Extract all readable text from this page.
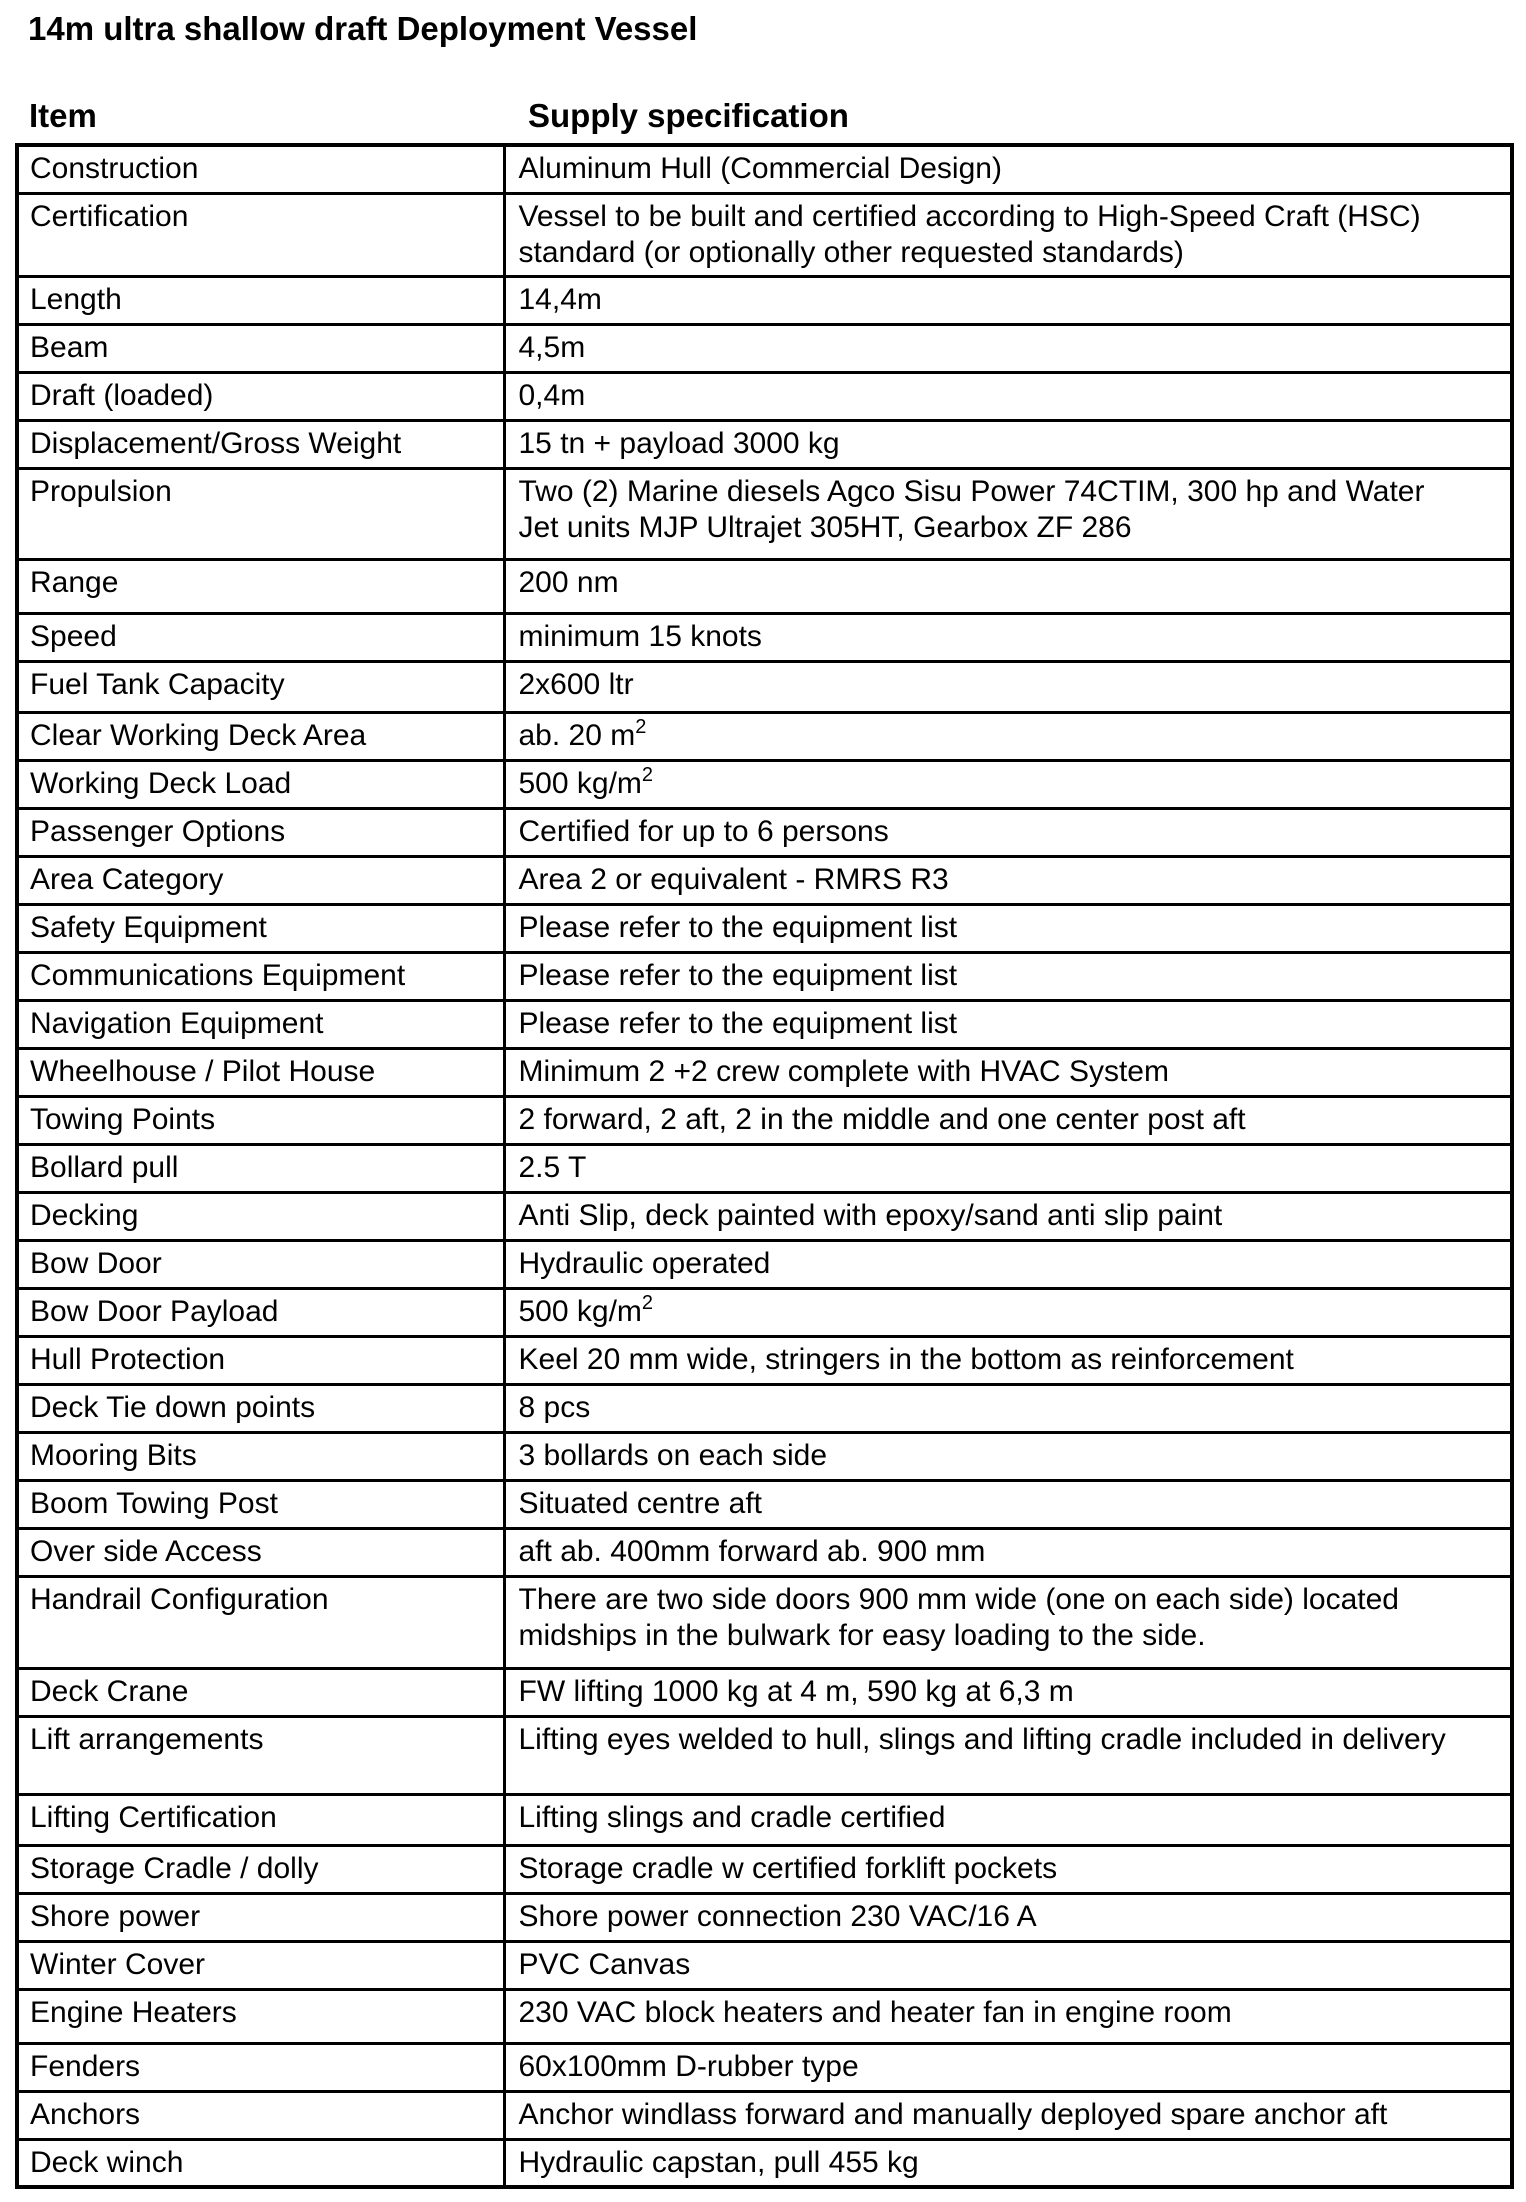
14m ultra shallow draft Deployment Vessel
Item	Supply specification
Construction	Aluminum Hull (Commercial Design)
Certification	Vessel to be built and certified according to High-Speed Craft (HSC) standard (or optionally other requested standards)
Length	14,4m
Beam	4,5m
Draft (loaded)	0,4m
Displacement/Gross Weight	15 tn + payload 3000 kg
Propulsion	Two (2) Marine diesels Agco Sisu Power 74CTIM, 300 hp and Water Jet units MJP Ultrajet 305HT, Gearbox ZF 286
Range	200 nm
Speed	minimum 15 knots
Fuel Tank Capacity	2x600 ltr
Clear Working Deck Area	ab. 20 $m^2$
Working Deck Load	500 $kg/m^2$
Passenger Options	Certified for up to 6 persons
Area Category	Area 2 or equivalent - RMRS R3
Safety Equipment	Please refer to the equipment list
Communications Equipment	Please refer to the equipment list
Navigation Equipment	Please refer to the equipment list
Wheelhouse / Pilot House	Minimum 2 +2 crew complete with HVAC System
Towing Points	2 forward, 2 aft, 2 in the middle and one center post aft
Bollard pull	2.5 T
Decking	Anti Slip, deck painted with epoxy/sand anti slip paint
Bow Door	Hydraulic operated
Bow Door Payload	500 $kg/m^2$
Hull Protection	Keel 20 mm wide, stringers in the bottom as reinforcement
Deck Tie down points	8 pcs
Mooring Bits	3 bollards on each side
Boom Towing Post	Situated centre aft
Over side Access	aft ab. 400mm forward ab. 900 mm
Handrail Configuration	There are two side doors 900 mm wide (one on each side) located midships in the bulwark for easy loading to the side.
Deck Crane	FW lifting 1000 kg at 4 m, 590 kg at 6,3 m
Lift arrangements	Lifting eyes welded to hull, slings and lifting cradle included in delivery
Lifting Certification	Lifting slings and cradle certified
Storage Cradle / dolly	Storage cradle w certified forklift pockets
Shore power	Shore power connection 230 VAC/16 A
Winter Cover	PVC Canvas
Engine Heaters	230 VAC block heaters and heater fan in engine room
Fenders	60x100mm D-rubber type
Anchors	Anchor windlass forward and manually deployed spare anchor aft
Deck winch	Hydraulic capstan, pull 455 kg
